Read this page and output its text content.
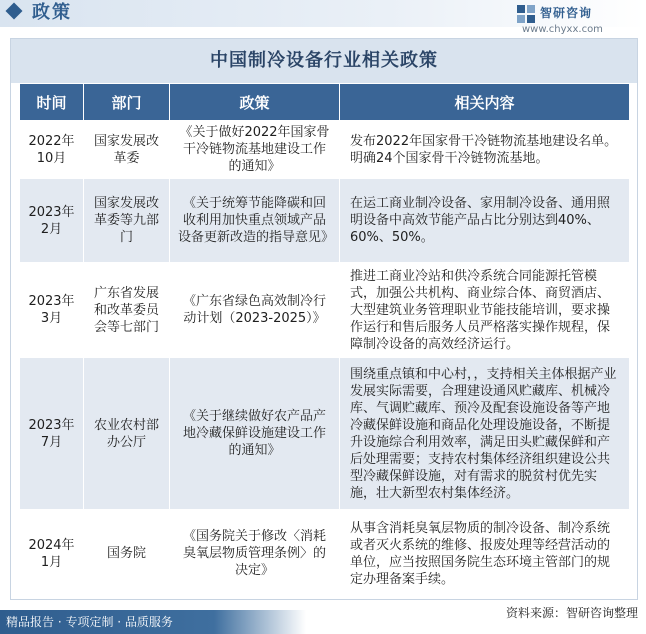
政策	智研咨询
www.chyxx.com
中国制冷设备行业相关政策
时间	部门	政策	相关内容
2022年10月	国家发展改革委	《关于做好2022年国家骨干冷链物流基地建设工作的通知》	发布2022年国家骨干冷链物流基地建设名单。明确24个国家骨干冷链物流基地。
2023年2月	国家发展改革委等九部门	《关于统筹节能降碳和回收利用加快重点领域产品设备更新改造的指导意见》	在运工商业制冷设备、家用制冷设备、通用照明设备中高效节能产品占比分别达到40%、60%、50%。
2023年3月	广东省发展和改革委员会等七部门	《广东省绿色高效制冷行动计划（2023-2025）》	推进工商业冷站和供冷系统合同能源托管模式，加强公共机构、商业综合体、商贸酒店、大型建筑业务管理职业节能技能培训，要求操作运行和售后服务人员严格落实操作规程，保障制冷设备的高效经济运行。
2023年7月	农业农村部办公厅	《关于继续做好农产品产地冷藏保鲜设施建设工作的通知》	围绕重点镇和中心村，，支持相关主体根据产业发展实际需要，合理建设通风贮藏库、机械冷库、气调贮藏库、预冷及配套设施设备等产地冷藏保鲜设施和商品化处理设施设备，不断提升设施综合利用效率，满足田头贮藏保鲜和产后处理需要；支持农村集体经济组织建设公共型冷藏保鲜设施，对有需求的脱贫村优先实施，壮大新型农村集体经济。
2024年1月	国务院	《国务院关于修改〈消耗臭氧层物质管理条例〉的决定》	从事含消耗臭氧层物质的制冷设备、制冷系统或者灭火系统的维修、报废处理等经营活动的单位，应当按照国务院生态环境主管部门的规定办理备案手续。
资料来源：智研咨询整理
精品报告 · 专项定制 · 品质服务
